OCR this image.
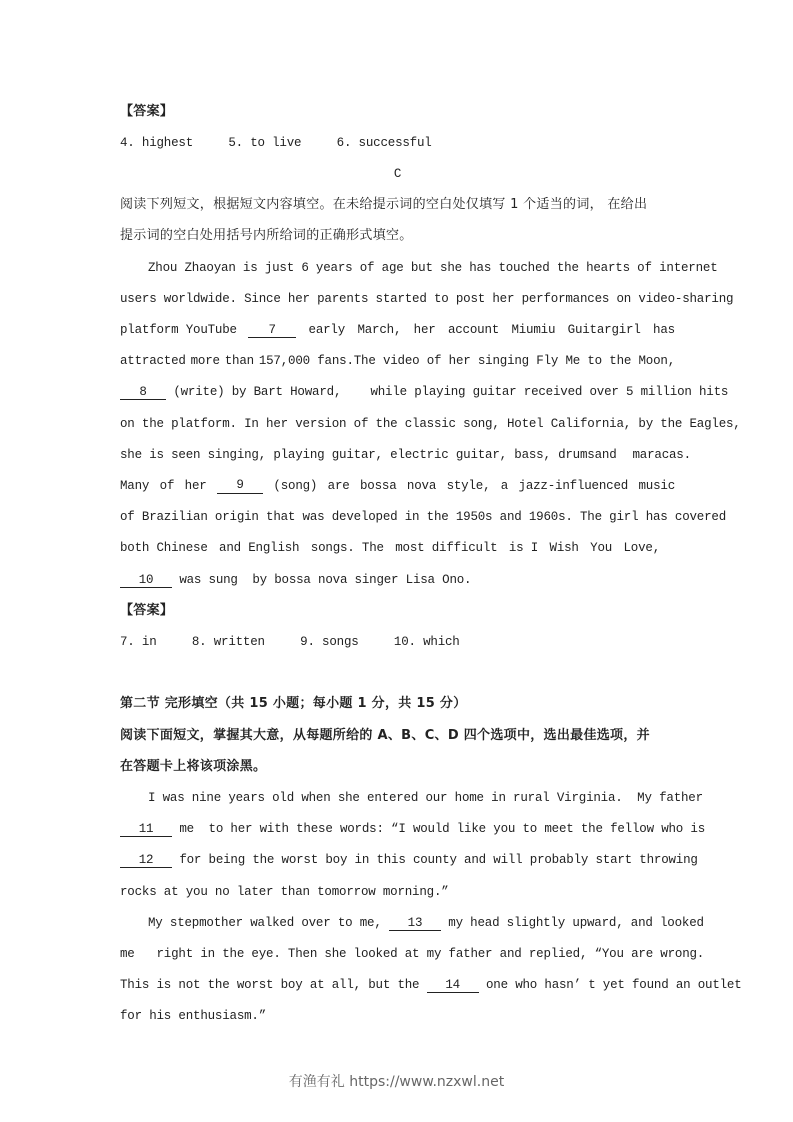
【答案】
4. highest	5. to live	6. successful
C
阅读下列短文，根据短文内容填空。在未给提示词的空白处仅填写 1 个适当的词， 在给出
提示词的空白处用括号内所给词的正确形式填空。
Zhou Zhaoyan is just 6 years of age but she has touched the hearts of internet
users worldwide. Since her parents started to post her performances on video-sharing
platform YouTube	7	early March, her account Miumiu Guitargirl has
attracted more than 157,000 fans.The video of her singing Fly Me to the Moon,
8 (write) by Bart Howard,    while playing guitar received over 5 million hits
on the platform. In her version of the classic song, Hotel California, by the Eagles,
she is seen singing, playing guitar, electric guitar, bass, drums and maracas.
Many of her	9	(song) are bossa nova style, a jazz-influenced music
of Brazilian origin that was developed in the 1950s and 1960s. The girl has covered
both Chinese and English songs. The most difficult is I Wish You Love,
10 was sung  by bossa nova singer Lisa Ono.
【答案】
7. in	8. written	9. songs	10. which
第二节 完形填空（共 15 小题；每小题 1 分，共 15 分）
阅读下面短文，掌握其大意，从每题所给的 A、B、C、D 四个选项中，选出最佳选项，并
在答题卡上将该项涂黑。
I was nine years old when she entered our home in rural Virginia.  My father
11 me  to her with these words: “I would like you to meet the fellow who is
12 for being the worst boy in this county and will probably start throwing
rocks at you no later than tomorrow morning.”
My stepmother walked over to me, 13 my head slightly upward, and looked
me   right in the eye. Then she looked at my father and replied, “You are wrong.
This is not the worst boy at all, but the 14 one who hasn’ t yet found an outlet
for his enthusiasm.”
有渔有礼 https://www.nzxwl.net
